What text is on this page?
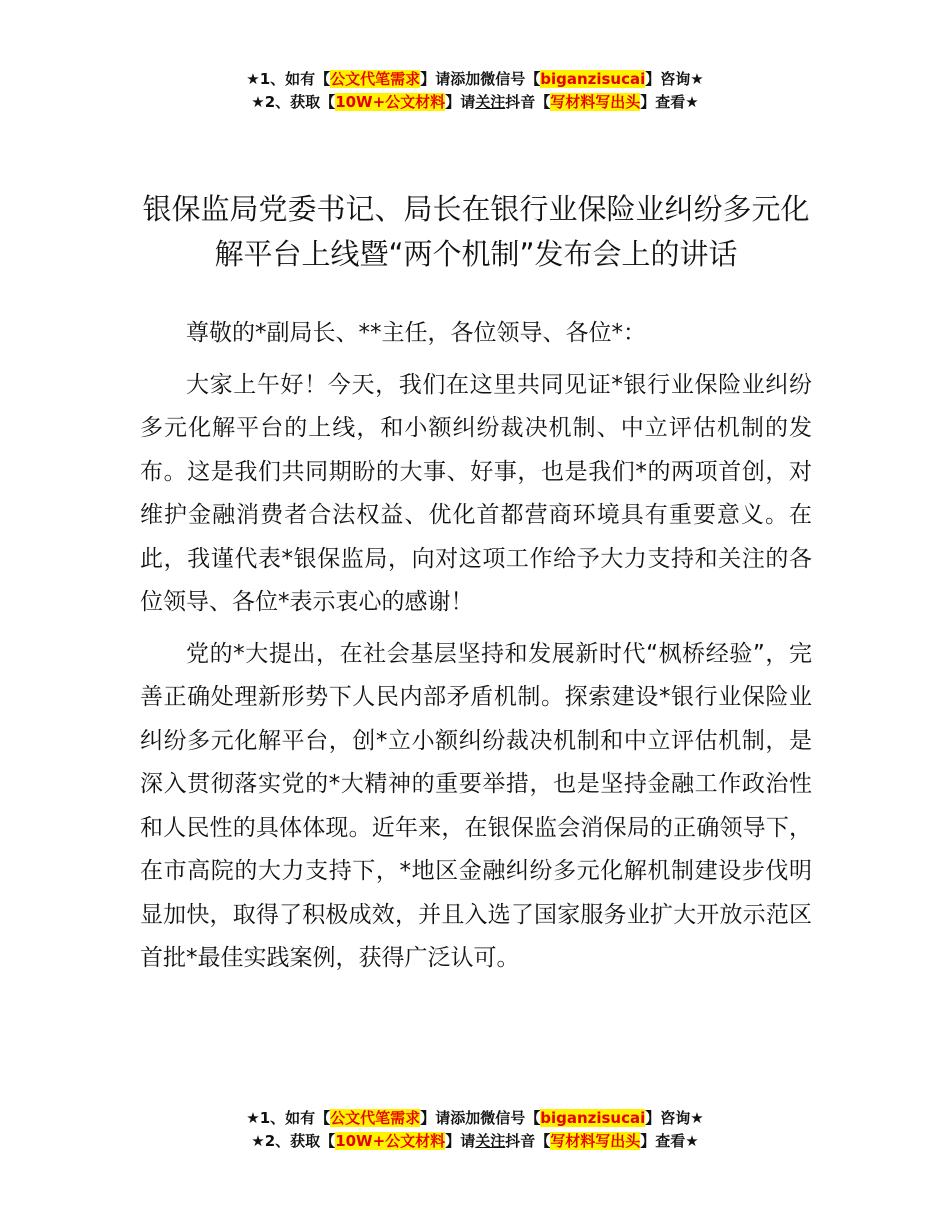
★1、如有【公文代笔需求】请添加微信号【biganzisucai】咨询★
★2、获取【10W+公文材料】请关注抖音【写材料写出头】查看★
银保监局党委书记、局长在银行业保险业纠纷多元化解平台上线暨“两个机制”发布会上的讲话

尊敬的*副局长、**主任，各位领导、各位*：

大家上午好！今天，我们在这里共同见证*银行业保险业纠纷多元化解平台的上线，和小额纠纷裁决机制、中立评估机制的发布。这是我们共同期盼的大事、好事，也是我们*的两项首创，对维护金融消费者合法权益、优化首都营商环境具有重要意义。在此，我谨代表*银保监局，向对这项工作给予大力支持和关注的各位领导、各位*表示衷心的感谢！

党的*大提出，在社会基层坚持和发展新时代“枫桥经验”，完善正确处理新形势下人民内部矛盾机制。探索建设*银行业保险业纠纷多元化解平台，创*立小额纠纷裁决机制和中立评估机制，是深入贯彻落实党的*大精神的重要举措，也是坚持金融工作政治性和人民性的具体体现。近年来，在银保监会消保局的正确领导下，在市高院的大力支持下，*地区金融纠纷多元化解机制建设步伐明显加快，取得了积极成效，并且入选了国家服务业扩大开放示范区首批*最佳实践案例，获得广泛认可。

★1、如有【公文代笔需求】请添加微信号【biganzisucai】咨询★
★2、获取【10W+公文材料】请关注抖音【写材料写出头】查看★
